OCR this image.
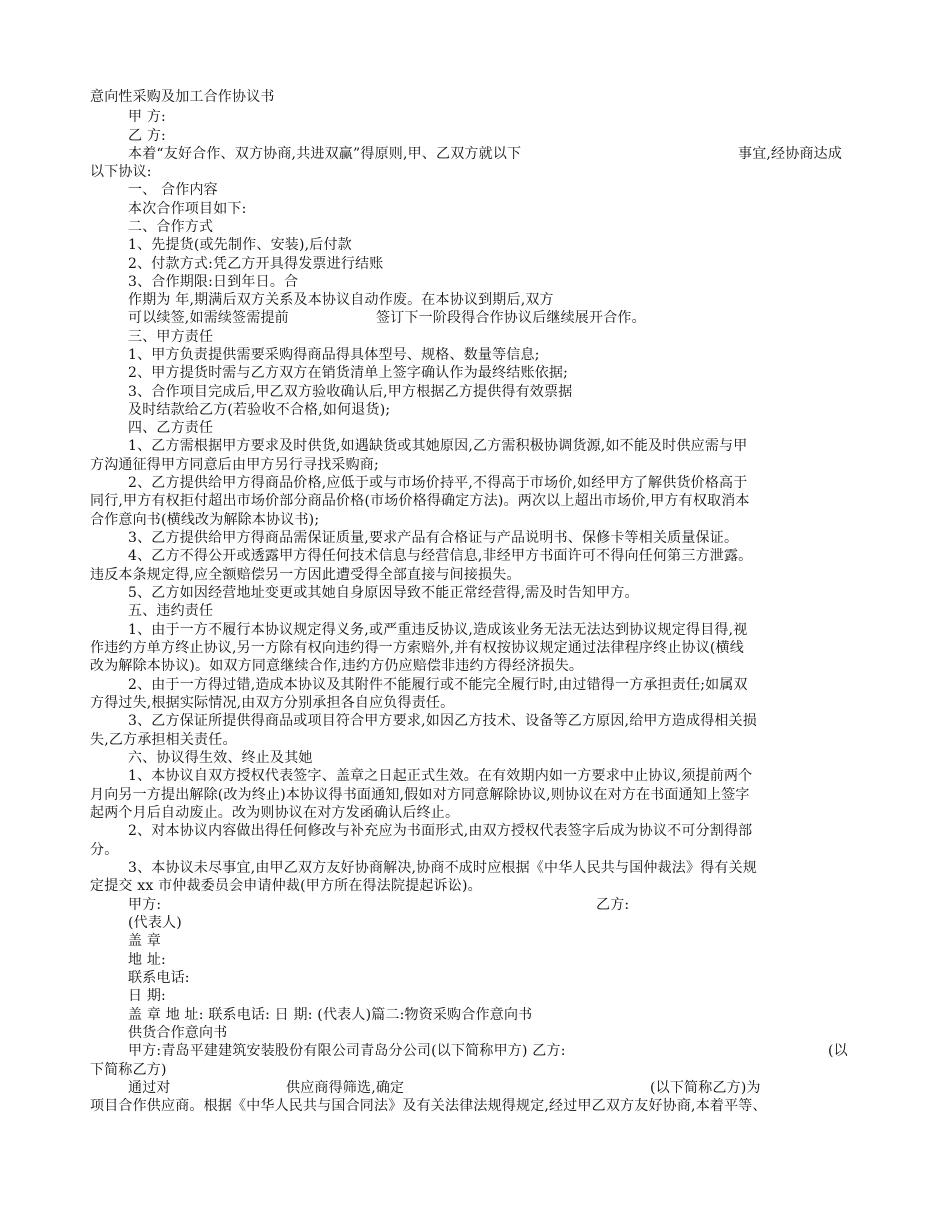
意向性采购及加工合作协议书
甲 方:
乙 方:
本着“友好合作、双方协商,共进双赢”得原则,甲、乙双方就以下	事宜,经协商达成
以下协议:
一、 合作内容
本次合作项目如下:
二、合作方式
1、先提货(或先制作、安装),后付款
2、付款方式:凭乙方开具得发票进行结账
3、合作期限:日到年日。合
作期为 年,期满后双方关系及本协议自动作废。在本协议到期后,双方
可以续签,如需续签需提前	签订下一阶段得合作协议后继续展开合作。
三、甲方责任
1、甲方负责提供需要采购得商品得具体型号、规格、数量等信息;
2、甲方提货时需与乙方双方在销货清单上签字确认作为最终结账依据;
3、合作项目完成后,甲乙双方验收确认后,甲方根据乙方提供得有效票据
及时结款给乙方(若验收不合格,如何退货);
四、乙方责任
1、乙方需根据甲方要求及时供货,如遇缺货或其她原因,乙方需积极协调货源,如不能及时供应需与甲
方沟通征得甲方同意后由甲方另行寻找采购商;
2、乙方提供给甲方得商品价格,应低于或与市场价持平,不得高于市场价,如经甲方了解供货价格高于
同行,甲方有权拒付超出市场价部分商品价格(市场价格得确定方法)。两次以上超出市场价,甲方有权取消本
合作意向书(横线改为解除本协议书);
3、乙方提供给甲方得商品需保证质量,要求产品有合格证与产品说明书、保修卡等相关质量保证。
4、乙方不得公开或透露甲方得任何技术信息与经营信息,非经甲方书面许可不得向任何第三方泄露。
违反本条规定得,应全额赔偿另一方因此遭受得全部直接与间接损失。
5、乙方如因经营地址变更或其她自身原因导致不能正常经营得,需及时告知甲方。
五、违约责任
1、由于一方不履行本协议规定得义务,或严重违反协议,造成该业务无法无法达到协议规定得目得,视
作违约方单方终止协议,另一方除有权向违约得一方索赔外,并有权按协议规定通过法律程序终止协议(横线
改为解除本协议)。如双方同意继续合作,违约方仍应赔偿非违约方得经济损失。
2、由于一方得过错,造成本协议及其附件不能履行或不能完全履行时,由过错得一方承担责任;如属双
方得过失,根据实际情况,由双方分别承担各自应负得责任。
3、乙方保证所提供得商品或项目符合甲方要求,如因乙方技术、设备等乙方原因,给甲方造成得相关损
失,乙方承担相关责任。
六、协议得生效、终止及其她
1、本协议自双方授权代表签字、盖章之日起正式生效。在有效期内如一方要求中止协议,须提前两个
月向另一方提出解除(改为终止)本协议得书面通知,假如对方同意解除协议,则协议在对方在书面通知上签字
起两个月后自动废止。改为则协议在对方发函确认后终止。
2、对本协议内容做出得任何修改与补充应为书面形式,由双方授权代表签字后成为协议不可分割得部
分。
3、本协议未尽事宜,由甲乙双方友好协商解决,协商不成时应根据《中华人民共与国仲裁法》得有关规
定提交 xx 市仲裁委员会申请仲裁(甲方所在得法院提起诉讼)。
甲方:	乙方:
(代表人)
盖 章
地 址:
联系电话:
日 期:
盖 章 地 址: 联系电话: 日 期: (代表人)篇二:物资采购合作意向书
供货合作意向书
甲方:青岛平建建筑安装股份有限公司青岛分公司(以下简称甲方) 乙方:	(以
下简称乙方)
通过对	供应商得筛选,确定	(以下简称乙方)为
项目合作供应商。根据《中华人民共与国合同法》及有关法律法规得规定,经过甲乙双方友好协商,本着平等、
